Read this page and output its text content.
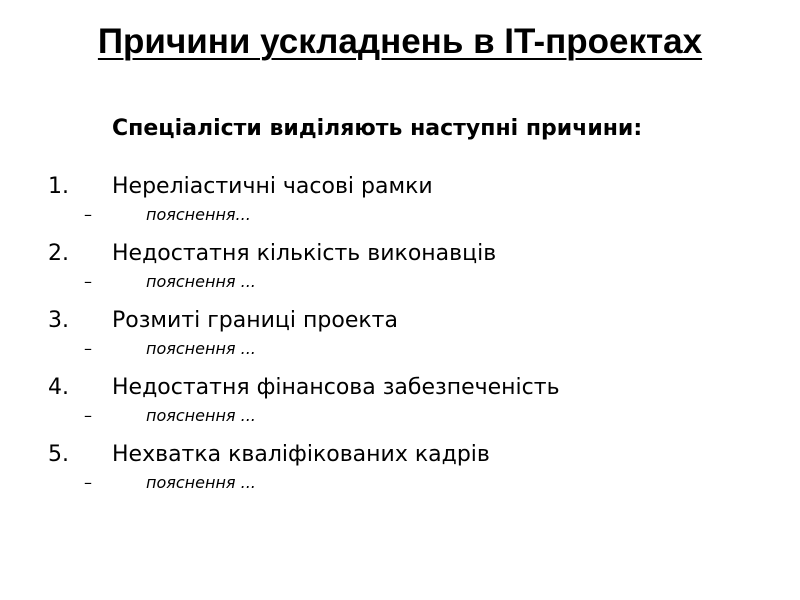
Причини ускладнень в IT-проектах
Спеціалісти виділяють наступні причини:
1. Нереліастичні часові рамки
–	пояснення...
2. Недостатня кількість виконавців
–	пояснення ...
3. Розмиті границі проекта
–	пояснення ...
4. Недостатня фінансова забезпеченість
–	пояснення ...
5. Нехватка кваліфікованих кадрів
–	пояснення ...
